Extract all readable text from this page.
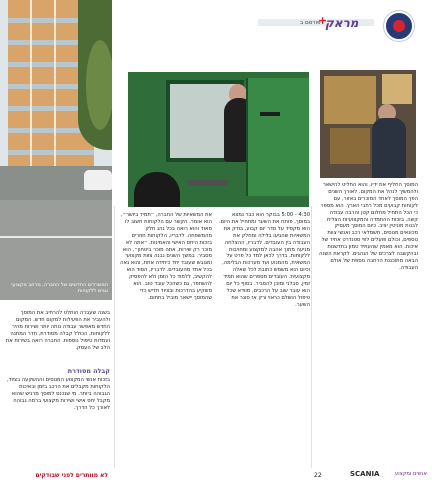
המשרדים החדשים של החברה, מרחב מקצועי ונגיש ללקוחות

בשנה שעברה הוחלט להרחיב את המוסך ולהעביר את הפעילות למקום חדש. המקום החדש מאפשר עבודה נוחה יותר ושירות מהיר ללקוחות, הכולל קבלה מסודרת, חדר המתנה ועמדות טיפול נוספות. החברה רואה בשירות את הלב של העסק.

קבלה מסודרת

בזכות אנשי המקצוע המנוסים וההשקעה בציוד, הלקוחות מקבלים את הרכב בזמן ובאיכות הגבוהה ביותר. מי שנכנס למוסך מרגיש שהוא מקבל יחס אישי ושירות מקצועי ברמה גבוהה לאורך כל הדרך.

לא מוותרים לפני שבודקים

פורסם ב

+

מראק

4:30 - 5:00 בבוקר הוא כבר נמצא במוסך, פותח את השער ומתחיל את היום. הוא מקפיד על סדר יום קבוע, בודק את המשאיות שהגיעו בלילה ומחלק את העבודה בין העובדים. לדבריו, ההצלחה מגיעה מתוך אהבה למקצוע ומחויבות ללקוחות. בדרך לכאן למד כל פרט על המשאית, מהמנוע ועד מערכות הבלימה, וכיום הוא משמש כתובת לכל שאלה מקצועית. העובדים מספרים שהוא תמיד זמין, סבלני ומוכן להסביר. בסוף כל יום הוא עובר שוב על הרכבים, מוודא שכל טיפול הושלם כראוי ורק אז סוגר את השער.

את המשאיות של החברה, ״תמיד ביושר״, הוא אומר. הקשר עם הלקוחות חשוב לו מאוד והוא רואה בכל נהג חלק מהמשפחה. לדבריו, הלקוחות חוזרים בזכות היחס האישי והאמינות. ״אתה לא מוכר רק שירות, אתה מוכר ביטחון״, הוא מסביר. במשך השנים נבנה צוות מקצועי ומגובש שעובד יחד כיחידה אחת, והוא גאה בכל אחד מהעובדים. לדבריו, הסוד הוא להקשיב, ללמוד כל הזמן ולא להפסיק להשתפר, גם כשהכל עובד טוב. הוא משקיע בהדרכות ובציוד חדיש כדי שהמוסך יישאר מוביל בתחום.

המוסך החליף את ידיו, והוא החליט להישאר ולהמשיך לנהל את המקום. לאורך השנים הפך המוסך לאחד המוכרים באזור, עם לקוחות קבועים מכל רחבי הארץ. הוא מספר כי הכל התחיל מחלום קטן והרבה עבודה קשה. בזכות ההתמדה והמקצועיות הצליח לבנות מוניטין יציב. כיום המוסך מעסיק מכונאים מנוסים, חשמלאי רכב ואנשי צוות נוספים, וכולם פועלים לפי סטנדרט אחיד של איכות. הוא מאמין שהעתיד טמון בחדשנות ובהקשבה לצרכים של הנהגים. לקראת השנה הבאה מתוכננת הרחבה נוספת של אולם העבודה.

22	SCANIA	אנשים ומקצוע
